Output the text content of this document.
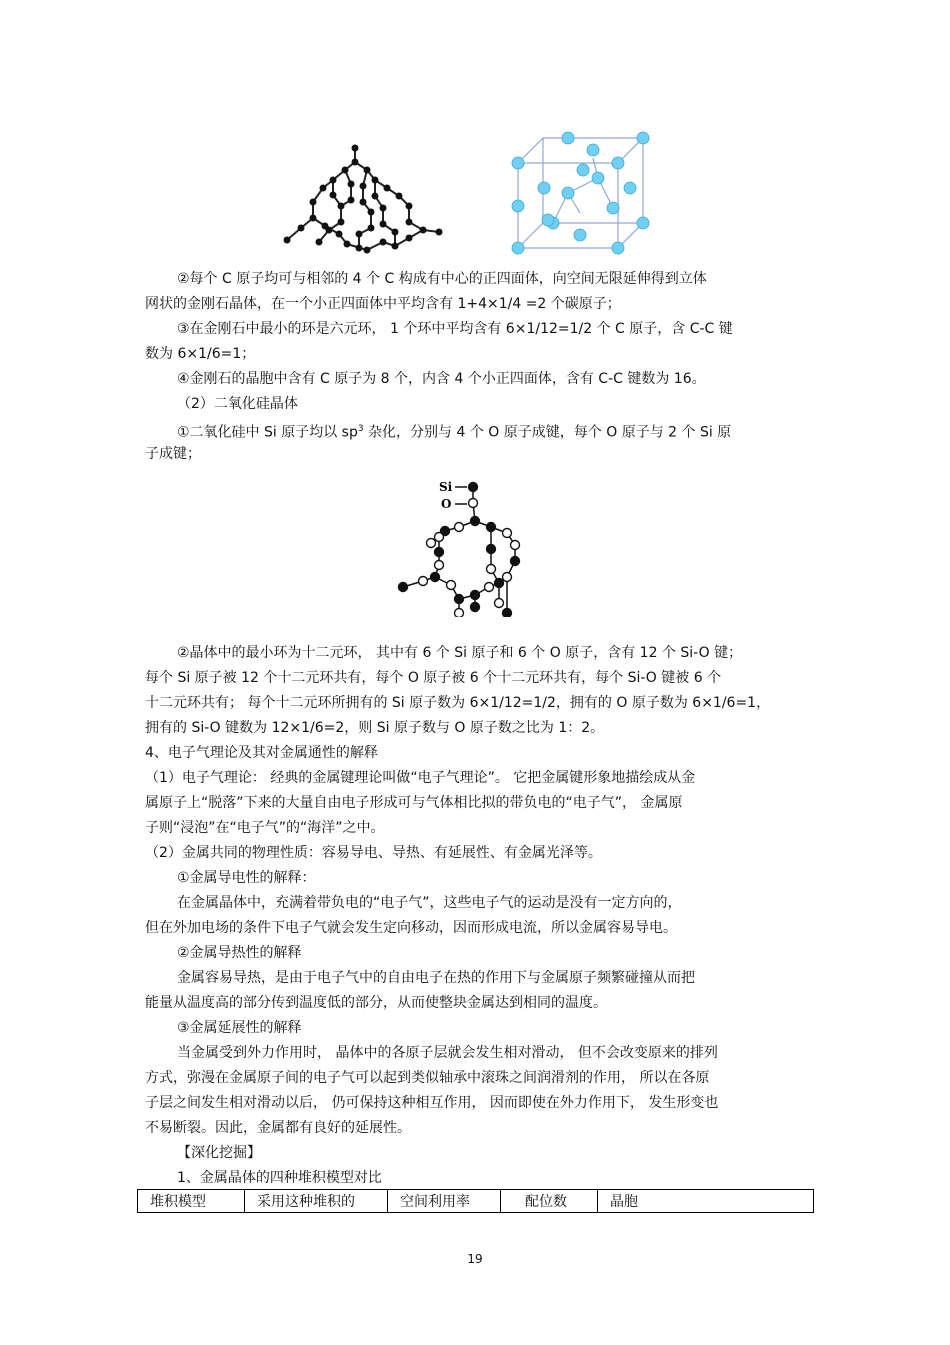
Si
O
②每个 C 原子均可与相邻的 4 个 C 构成有中心的正四面体，向空间无限延伸得到立体
网状的金刚石晶体，在一个小正四面体中平均含有 1+4×1/4 =2 个碳原子；
③在金刚石中最小的环是六元环， 1 个环中平均含有 6×1/12=1/2 个 C 原子，含 C-C 键
数为 6×1/6=1；
④金刚石的晶胞中含有 C 原子为 8 个，内含 4 个小正四面体，含有 C-C 键数为 16。
（2）二氧化硅晶体
①二氧化硅中 Si 原子均以 $sp^3$ 杂化，分别与 4 个 O 原子成键，每个 O 原子与 2 个 Si 原
子成键；
②晶体中的最小环为十二元环， 其中有 6 个 Si 原子和 6 个 O 原子，含有 12 个 Si-O 键；
每个 Si 原子被 12 个十二元环共有，每个 O 原子被 6 个十二元环共有，每个 Si-O 键被 6 个
十二元环共有； 每个十二元环所拥有的 Si 原子数为 6×1/12=1/2，拥有的 O 原子数为 6×1/6=1，
拥有的 Si-O 键数为 12×1/6=2，则 Si 原子数与 O 原子数之比为 1：2。
4、电子气理论及其对金属通性的解释
（1）电子气理论： 经典的金属键理论叫做“电子气理论”。 它把金属键形象地描绘成从金
属原子上“脱落”下来的大量自由电子形成可与气体相比拟的带负电的“电子气”， 金属原
子则“浸泡”在“电子气”的“海洋”之中。
（2）金属共同的物理性质：容易导电、导热、有延展性、有金属光泽等。
①金属导电性的解释：
在金属晶体中，充满着带负电的“电子气”，这些电子气的运动是没有一定方向的，
但在外加电场的条件下电子气就会发生定向移动，因而形成电流，所以金属容易导电。
②金属导热性的解释
金属容易导热，是由于电子气中的自由电子在热的作用下与金属原子频繁碰撞从而把
能量从温度高的部分传到温度低的部分，从而使整块金属达到相同的温度。
③金属延展性的解释
当金属受到外力作用时， 晶体中的各原子层就会发生相对滑动， 但不会改变原来的排列
方式，弥漫在金属原子间的电子气可以起到类似轴承中滚珠之间润滑剂的作用， 所以在各原
子层之间发生相对滑动以后， 仍可保持这种相互作用， 因而即使在外力作用下， 发生形变也
不易断裂。因此，金属都有良好的延展性。
【深化挖掘】
1、金属晶体的四种堆积模型对比
堆积模型	采用这种堆积的	空间利用率	配位数	晶胞
19
